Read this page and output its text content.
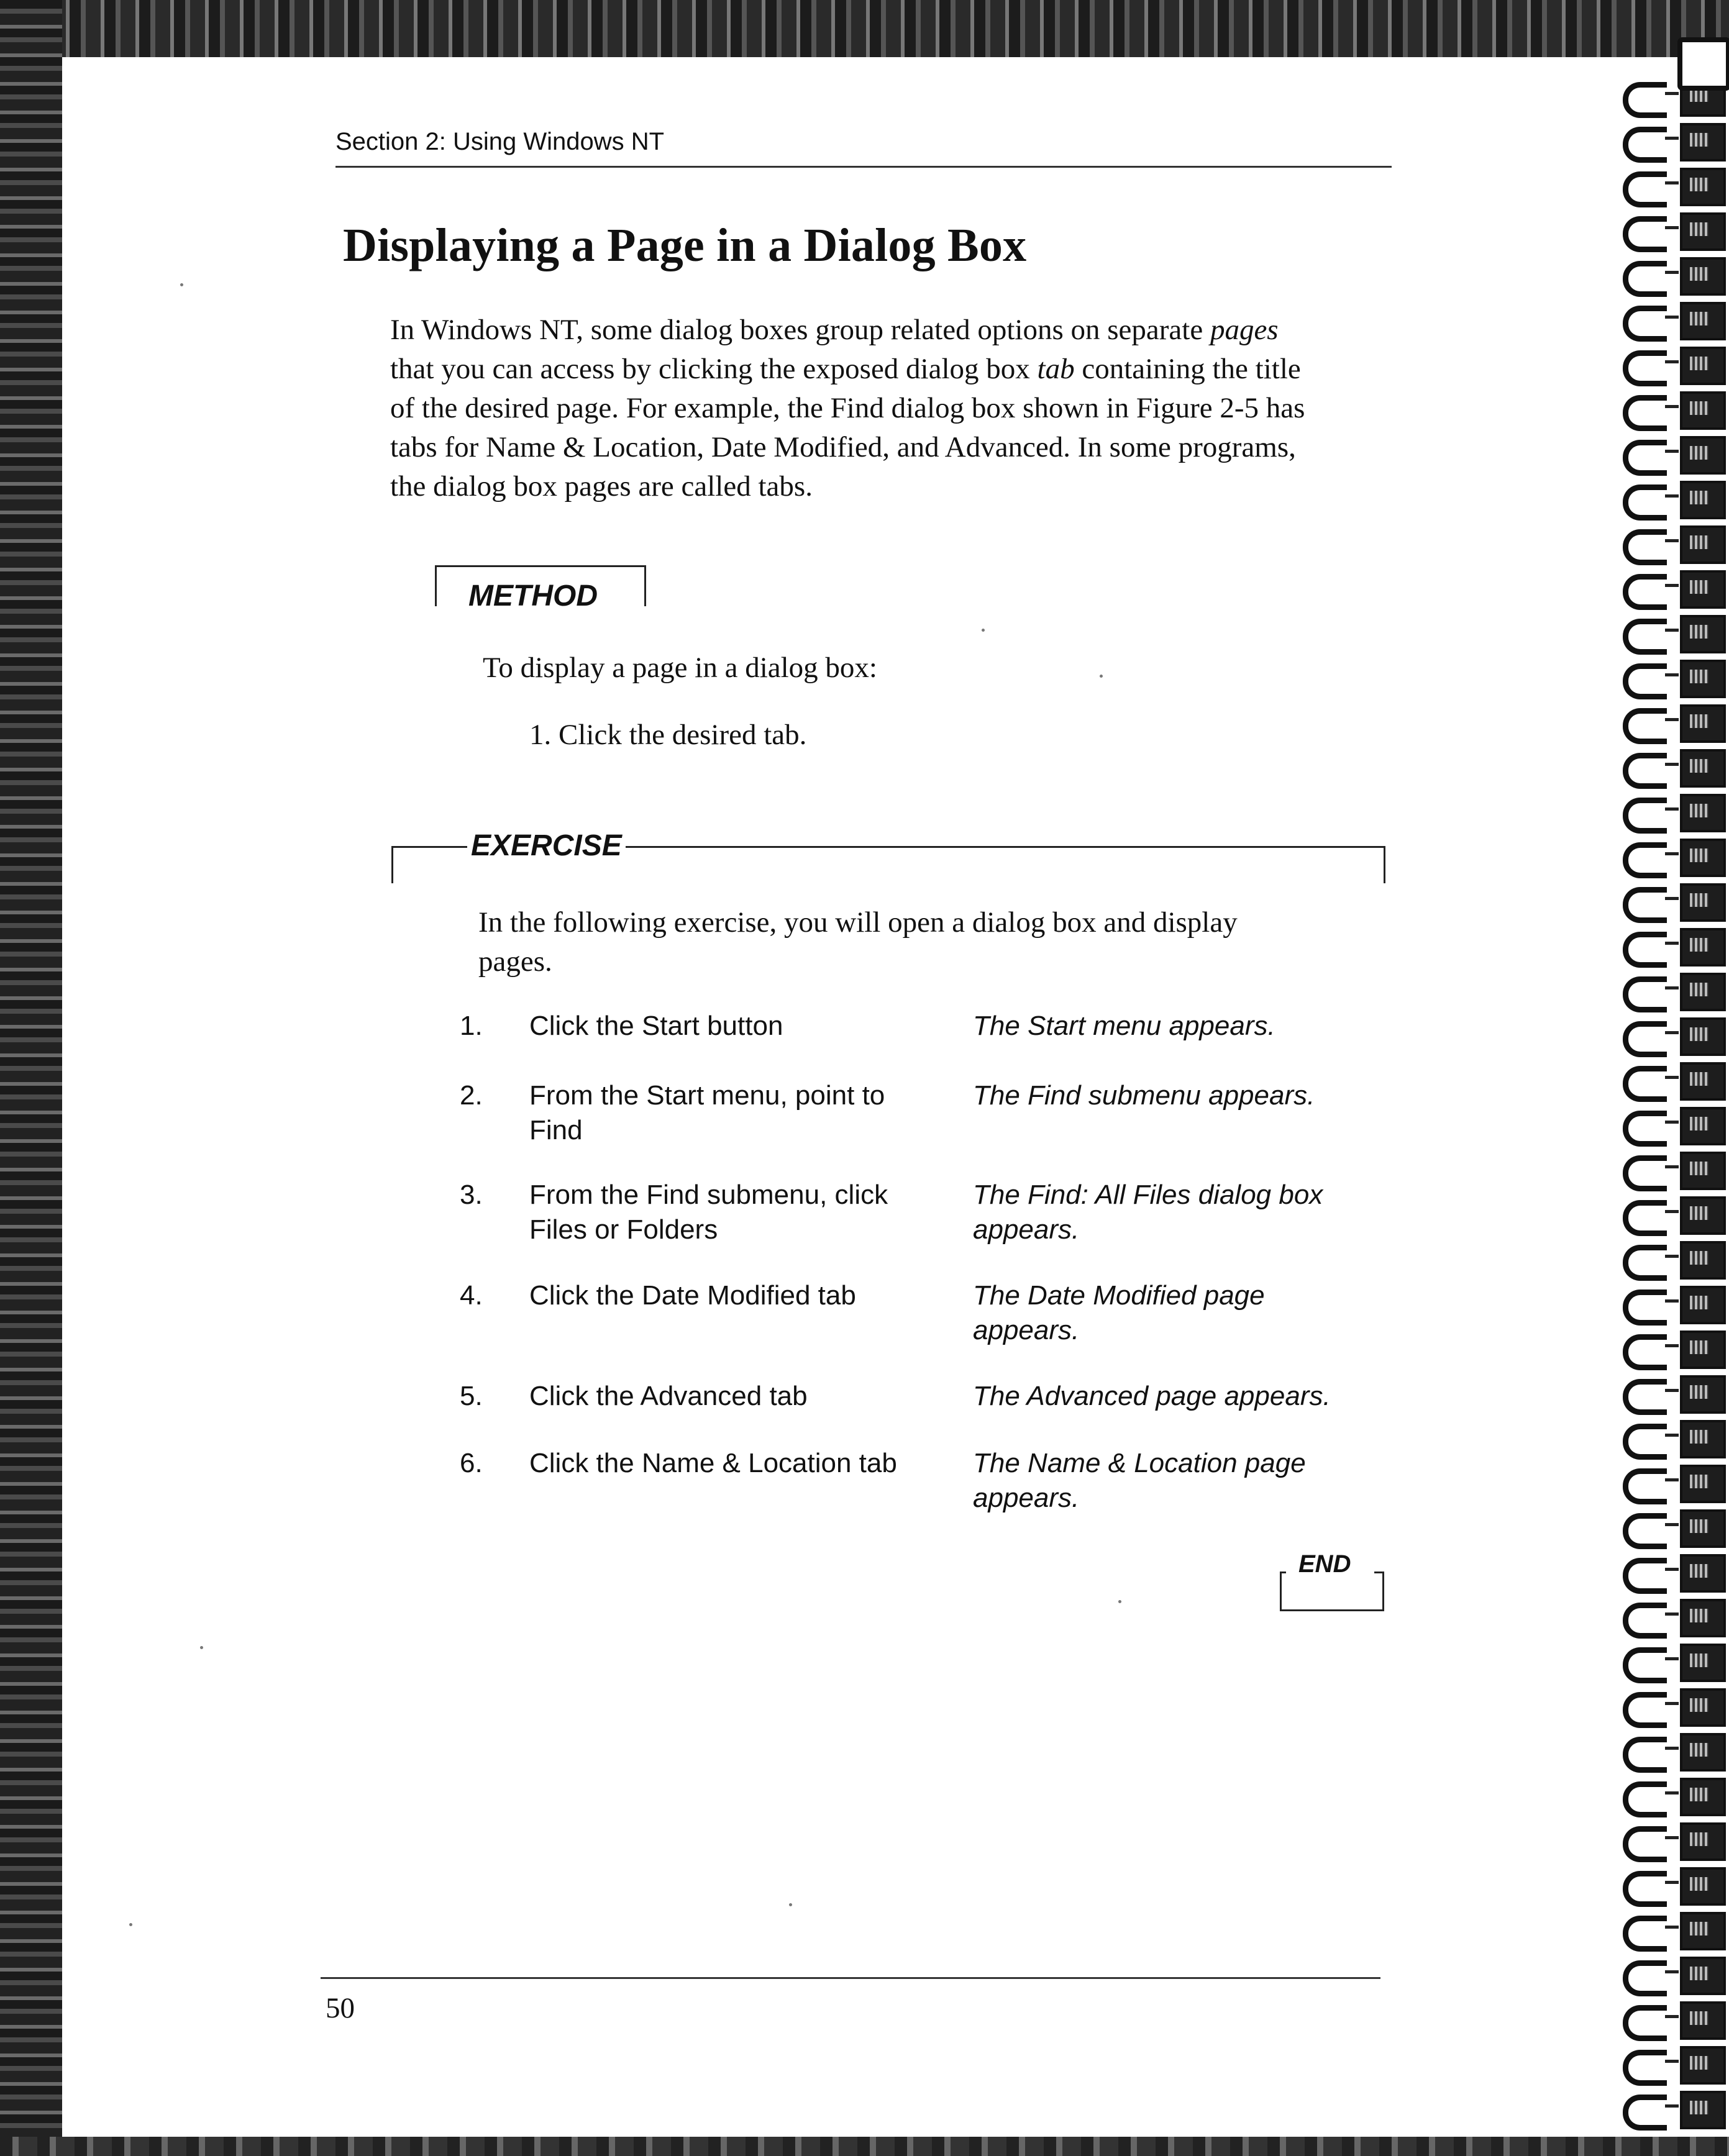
Section 2: Using Windows NT

Displaying a Page in a Dialog Box

In Windows NT, some dialog boxes group related options on separate pages

that you can access by clicking the exposed dialog box tab containing the title

of the desired page. For example, the Find dialog box shown in Figure 2-5 has

tabs for Name & Location, Date Modified, and Advanced. In some programs,

the dialog box pages are called tabs.

METHOD

To display a page in a dialog box:

1. Click the desired tab.

EXERCISE

In the following exercise, you will open a dialog box and display
pages.

1. Click the Start button	The Start menu appears.
2. From the Start menu, point to Find
The Find submenu appears.
3. From the Find submenu, click Files or Folders
The Find: All Files dialog box appears.
4. Click the Date Modified tab	The Date Modified page appears.
5. Click the Advanced tab	The Advanced page appears.
6. Click the Name & Location tab	The Name & Location page appears.
END

50
